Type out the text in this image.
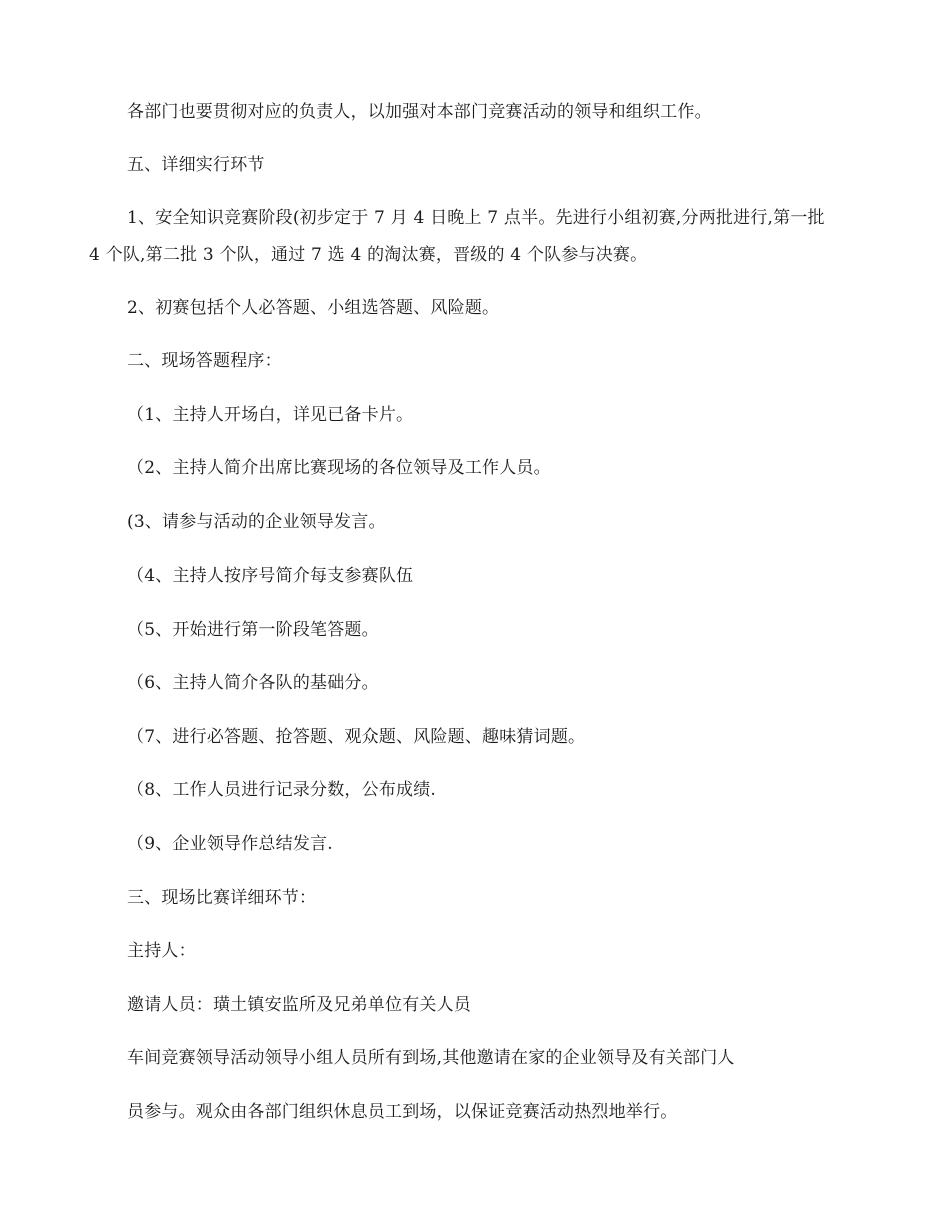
各部门也要贯彻对应的负责人，以加强对本部门竞赛活动的领导和组织工作。

五、详细实行环节

1、安全知识竞赛阶段(初步定于 7 月 4 日晚上 7 点半。先进行小组初赛,分两批进行,第一批

4 个队,第二批 3 个队，通过 7 选 4 的淘汰赛，晋级的 4 个队参与决赛。

2、初赛包括个人必答题、小组选答题、风险题。

二、现场答题程序：

（1、主持人开场白，详见已备卡片。

（2、主持人简介出席比赛现场的各位领导及工作人员。

(3、请参与活动的企业领导发言。

（4、主持人按序号简介每支参赛队伍

（5、开始进行第一阶段笔答题。

（6、主持人简介各队的基础分。

（7、进行必答题、抢答题、观众题、风险题、趣味猜词题。

（8、工作人员进行记录分数，公布成绩.

（9、企业领导作总结发言.

三、现场比赛详细环节：

主持人：

邀请人员：璜土镇安监所及兄弟单位有关人员

车间竞赛领导活动领导小组人员所有到场,其他邀请在家的企业领导及有关部门人

员参与。观众由各部门组织休息员工到场，以保证竞赛活动热烈地举行。
